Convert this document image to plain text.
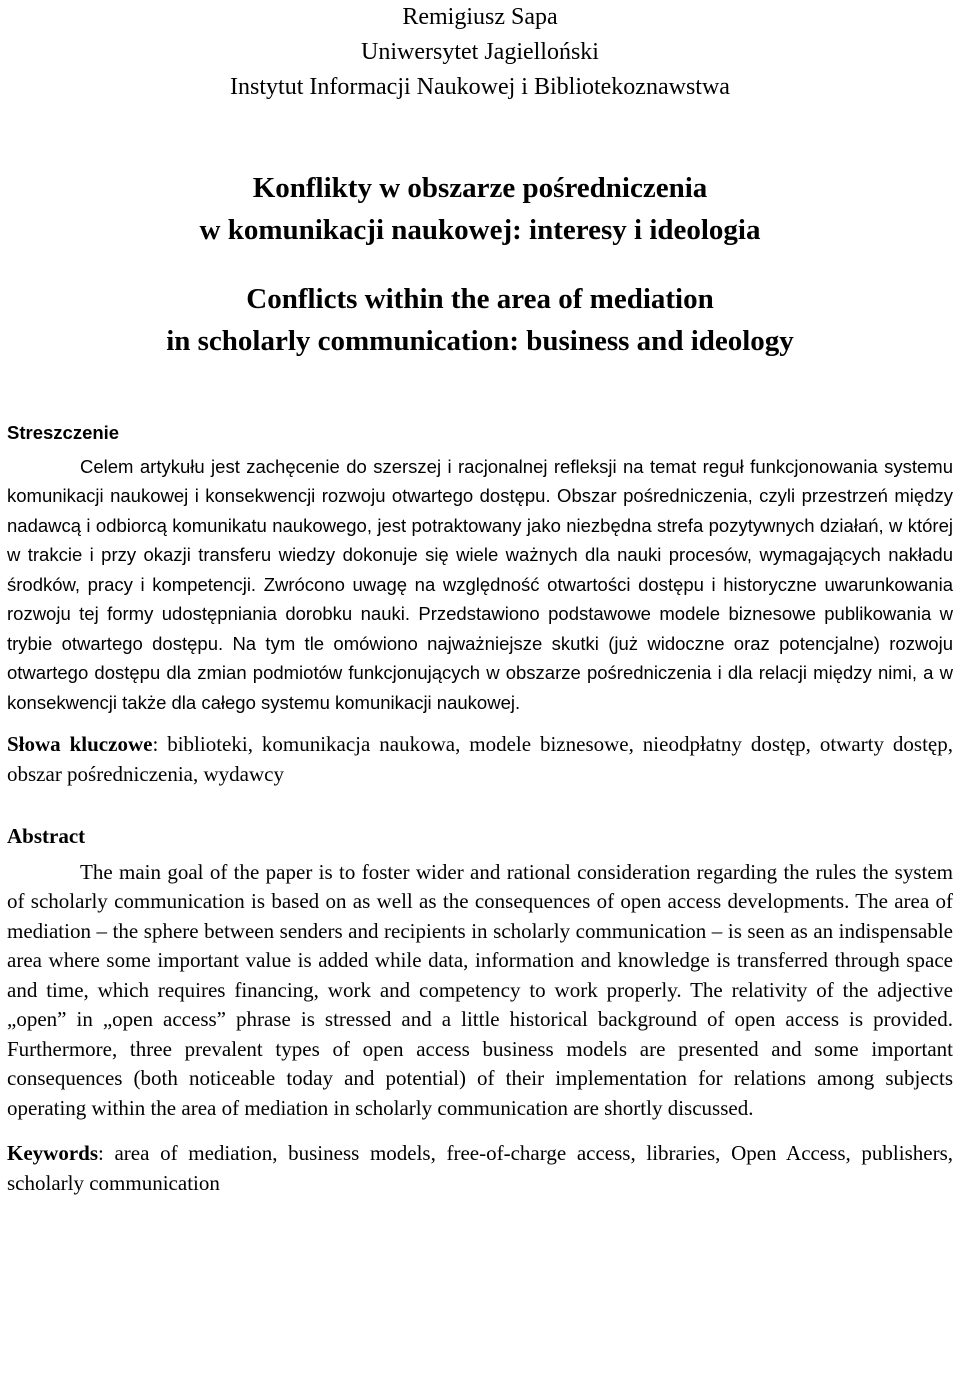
Remigiusz Sapa
Uniwersytet Jagielloński
Instytut Informacji Naukowej i Bibliotekoznawstwa
Konflikty w obszarze pośredniczenia
w komunikacji naukowej: interesy i ideologia
Conflicts within the area of mediation
in scholarly communication: business and ideology
Streszczenie

Celem artykułu jest zachęcenie do szerszej i racjonalnej refleksji na temat reguł funkcjonowania systemu komunikacji naukowej i konsekwencji rozwoju otwartego dostępu. Obszar pośredniczenia, czyli przestrzeń między nadawcą i odbiorcą komunikatu naukowego, jest potraktowany jako niezbędna strefa pozytywnych działań, w której w trakcie i przy okazji transferu wiedzy dokonuje się wiele ważnych dla nauki procesów, wymagających nakładu środków, pracy i kompetencji. Zwrócono uwagę na względność otwartości dostępu i historyczne uwarunkowania rozwoju tej formy udostępniania dorobku nauki. Przedstawiono podstawowe modele biznesowe publikowania w trybie otwartego dostępu. Na tym tle omówiono najważniejsze skutki (już widoczne oraz potencjalne) rozwoju otwartego dostępu dla zmian podmiotów funkcjonujących w obszarze pośredniczenia i dla relacji między nimi, a w konsekwencji także dla całego systemu komunikacji naukowej.

Słowa kluczowe: biblioteki, komunikacja naukowa, modele biznesowe, nieodpłatny dostęp, otwarty dostęp, obszar pośredniczenia, wydawcy

Abstract

The main goal of the paper is to foster wider and rational consideration regarding the rules the system of scholarly communication is based on as well as the consequences of open access developments. The area of mediation – the sphere between senders and recipients in scholarly communication – is seen as an indispensable area where some important value is added while data, information and knowledge is transferred through space and time, which requires financing, work and competency to work properly. The relativity of the adjective „open” in „open access” phrase is stressed and a little historical background of open access is provided. Furthermore, three prevalent types of open access business models are presented and some important consequences (both noticeable today and potential) of their implementation for relations among subjects operating within the area of mediation in scholarly communication are shortly discussed.

Keywords: area of mediation, business models, free-of-charge access, libraries, Open Access, publishers, scholarly communication
